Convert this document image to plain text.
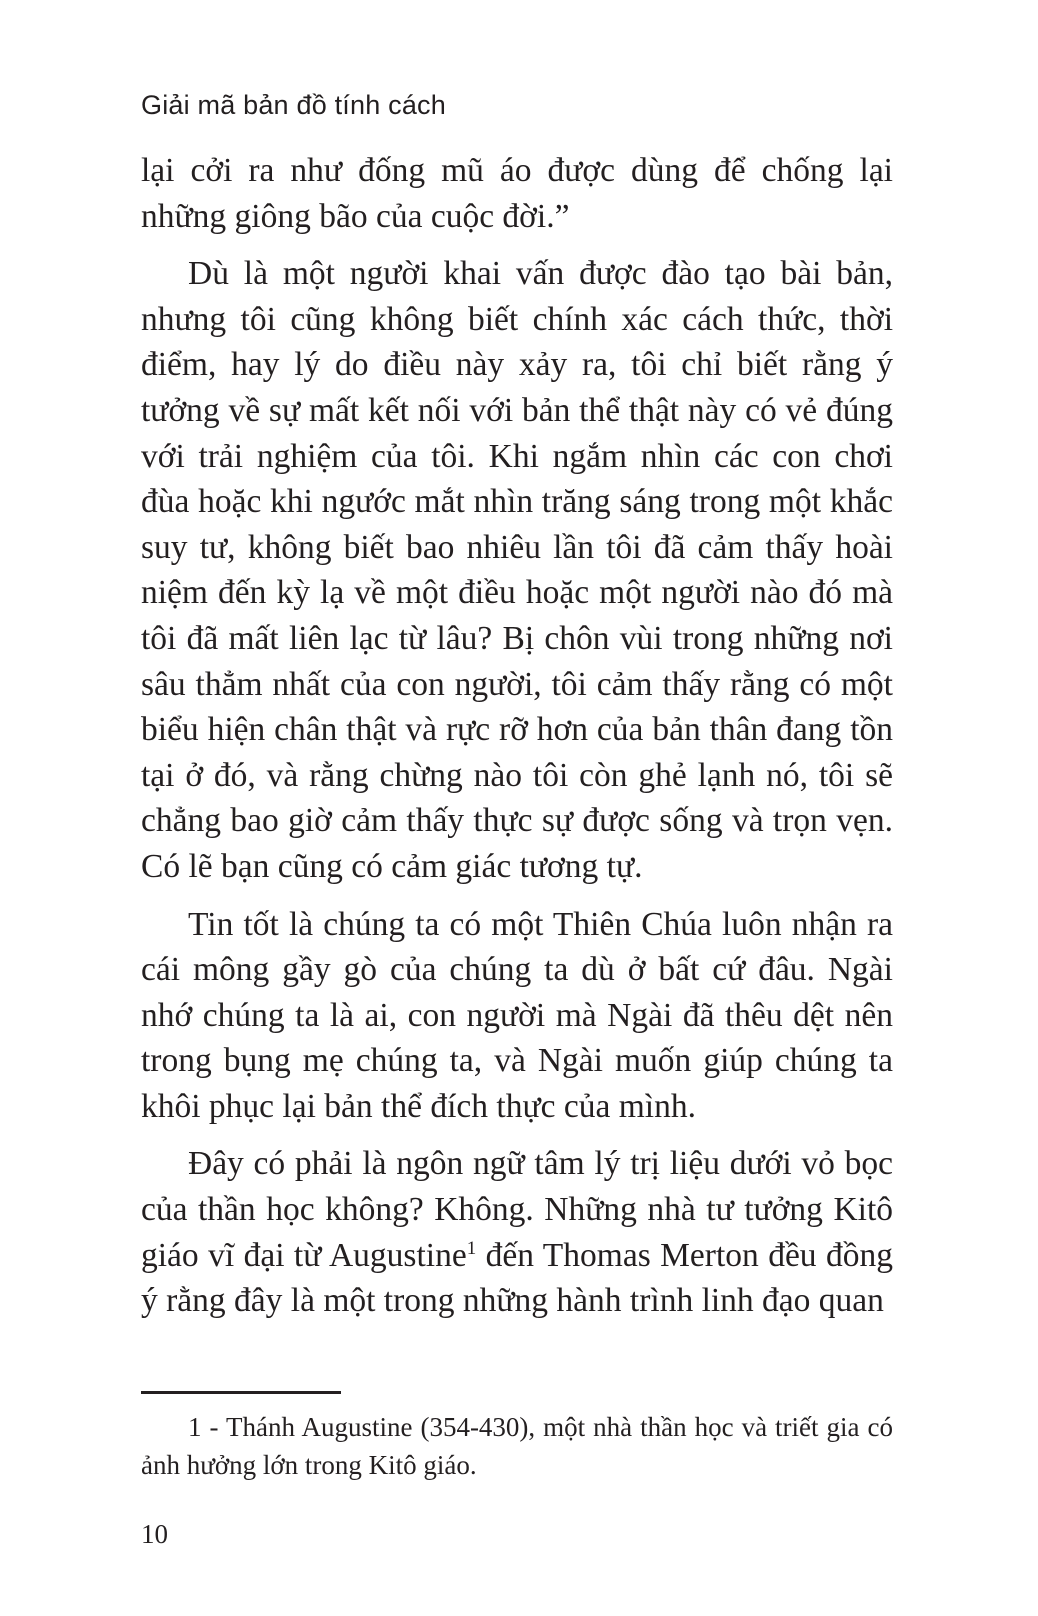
Giải mã bản đồ tính cách

lại cởi ra như đống mũ áo được dùng để chống lại những giông bão của cuộc đời.”

Dù là một người khai vấn được đào tạo bài bản, nhưng tôi cũng không biết chính xác cách thức, thời điểm, hay lý do điều này xảy ra, tôi chỉ biết rằng ý tưởng về sự mất kết nối với bản thể thật này có vẻ đúng với trải nghiệm của tôi. Khi ngắm nhìn các con chơi đùa hoặc khi ngước mắt nhìn trăng sáng trong một khắc suy tư, không biết bao nhiêu lần tôi đã cảm thấy hoài niệm đến kỳ lạ về một điều hoặc một người nào đó mà tôi đã mất liên lạc từ lâu? Bị chôn vùi trong những nơi sâu thẳm nhất của con người, tôi cảm thấy rằng có một biểu hiện chân thật và rực rỡ hơn của bản thân đang tồn tại ở đó, và rằng chừng nào tôi còn ghẻ lạnh nó, tôi sẽ chẳng bao giờ cảm thấy thực sự được sống và trọn vẹn. Có lẽ bạn cũng có cảm giác tương tự.

Tin tốt là chúng ta có một Thiên Chúa luôn nhận ra cái mông gầy gò của chúng ta dù ở bất cứ đâu. Ngài nhớ chúng ta là ai, con người mà Ngài đã thêu dệt nên trong bụng mẹ chúng ta, và Ngài muốn giúp chúng ta khôi phục lại bản thể đích thực của mình.

Đây có phải là ngôn ngữ tâm lý trị liệu dưới vỏ bọc của thần học không? Không. Những nhà tư tưởng Kitô giáo vĩ đại từ Augustine$^1$ đến Thomas Merton đều đồng ý rằng đây là một trong những hành trình linh đạo quan

1 - Thánh Augustine (354-430), một nhà thần học và triết gia có ảnh hưởng lớn trong Kitô giáo.
10
